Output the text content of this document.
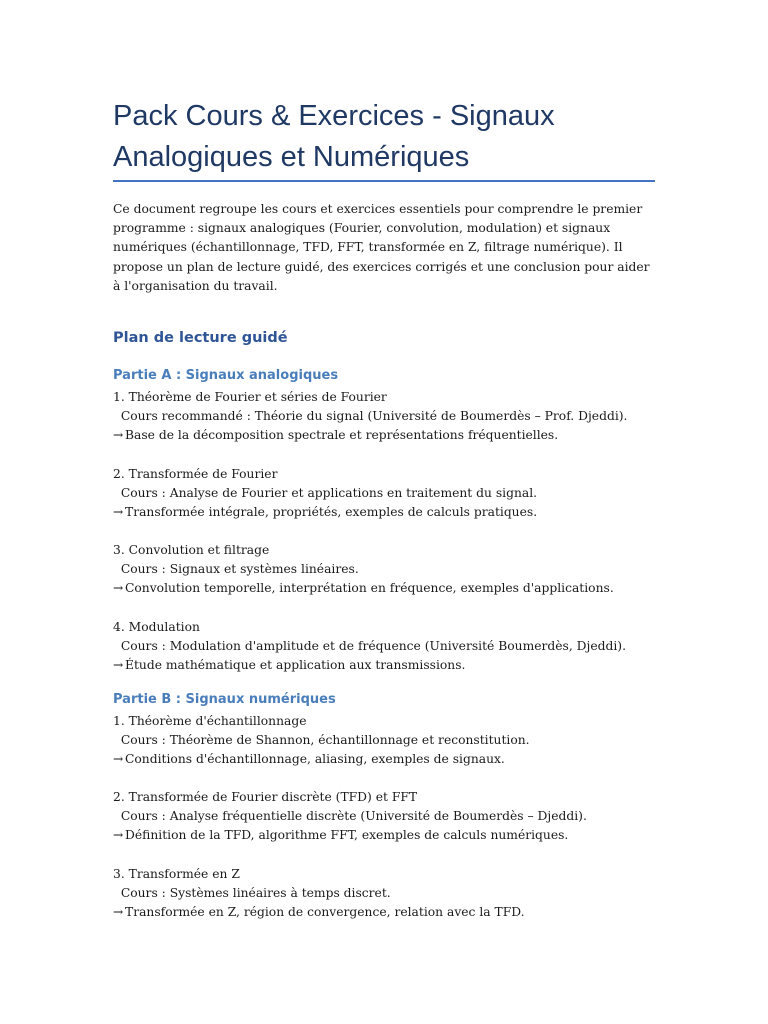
Pack Cours & Exercices - Signaux Analogiques et Numériques

Ce document regroupe les cours et exercices essentiels pour comprendre le premier programme : signaux analogiques (Fourier, convolution, modulation) et signaux numériques (échantillonnage, TFD, FFT, transformée en Z, filtrage numérique). Il propose un plan de lecture guidé, des exercices corrigés et une conclusion pour aider à l'organisation du travail.

Plan de lecture guidé
Partie A : Signaux analogiques
1. Théorème de Fourier et séries de Fourier
Cours recommandé : Théorie du signal (Université de Boumerdès – Prof. Djeddi).
→ Base de la décomposition spectrale et représentations fréquentielles.
2. Transformée de Fourier
Cours : Analyse de Fourier et applications en traitement du signal.
→ Transformée intégrale, propriétés, exemples de calculs pratiques.
3. Convolution et filtrage
Cours : Signaux et systèmes linéaires.
→ Convolution temporelle, interprétation en fréquence, exemples d'applications.
4. Modulation
Cours : Modulation d'amplitude et de fréquence (Université Boumerdès, Djeddi).
→ Étude mathématique et application aux transmissions.
Partie B : Signaux numériques
1. Théorème d'échantillonnage
Cours : Théorème de Shannon, échantillonnage et reconstitution.
→ Conditions d'échantillonnage, aliasing, exemples de signaux.
2. Transformée de Fourier discrète (TFD) et FFT
Cours : Analyse fréquentielle discrète (Université de Boumerdès – Djeddi).
→ Définition de la TFD, algorithme FFT, exemples de calculs numériques.
3. Transformée en Z
Cours : Systèmes linéaires à temps discret.
→ Transformée en Z, région de convergence, relation avec la TFD.
